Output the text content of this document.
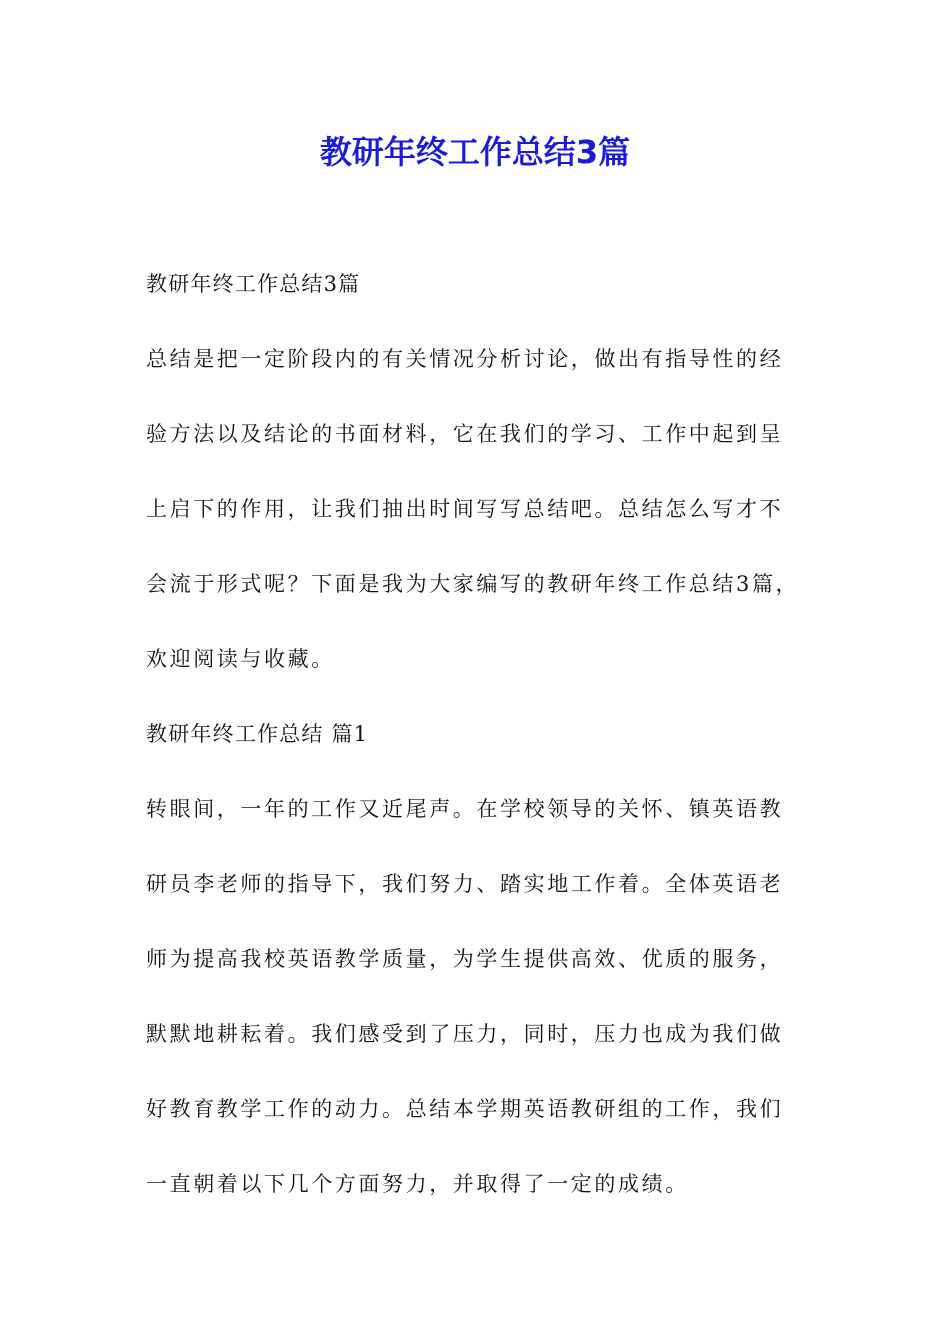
教研年终工作总结3篇
教研年终工作总结3篇
总结是把一定阶段内的有关情况分析讨论，做出有指导性的经
验方法以及结论的书面材料，它在我们的学习、工作中起到呈
上启下的作用，让我们抽出时间写写总结吧。总结怎么写才不
会流于形式呢？下面是我为大家编写的教研年终工作总结3篇，
欢迎阅读与收藏。
教研年终工作总结 篇1
转眼间，一年的工作又近尾声。在学校领导的关怀、镇英语教
研员李老师的指导下，我们努力、踏实地工作着。全体英语老
师为提高我校英语教学质量，为学生提供高效、优质的服务，
默默地耕耘着。我们感受到了压力，同时，压力也成为我们做
好教育教学工作的动力。总结本学期英语教研组的工作，我们
一直朝着以下几个方面努力，并取得了一定的成绩。
